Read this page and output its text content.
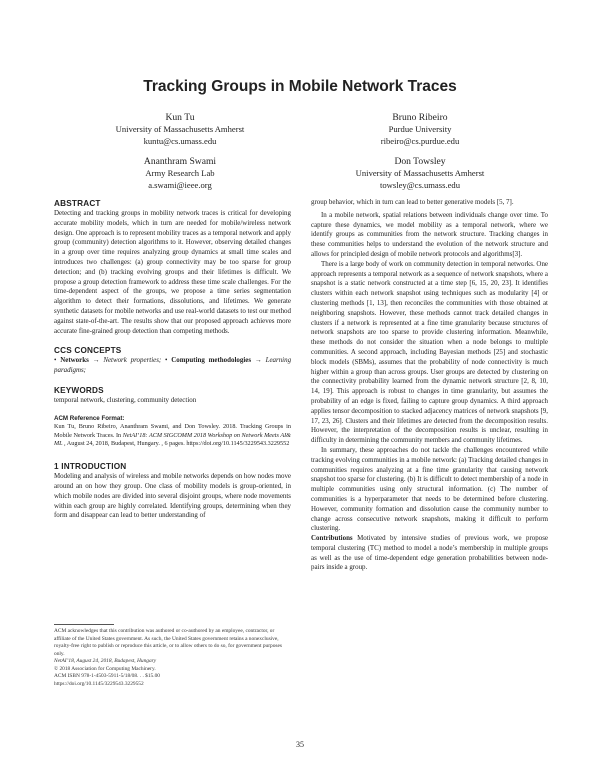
Tracking Groups in Mobile Network Traces
Kun Tu
University of Massachusetts Amherst
kuntu@cs.umass.edu
Bruno Ribeiro
Purdue University
ribeiro@cs.purdue.edu
Ananthram Swami
Army Research Lab
a.swami@ieee.org
Don Towsley
University of Massachusetts Amherst
towsley@cs.umass.edu
ABSTRACT

Detecting and tracking groups in mobility network traces is critical for developing accurate mobility models, which in turn are needed for mobile/wireless network design. One approach is to represent mobility traces as a temporal network and apply group (community) detection algorithms to it. However, observing detailed changes in a group over time requires analyzing group dynamics at small time scales and introduces two challenges: (a) group connectivity may be too sparse for group detection; and (b) tracking evolving groups and their lifetimes is difficult. We propose a group detection framework to address these time scale challenges. For the time-dependent aspect of the groups, we propose a time series segmentation algorithm to detect their formations, dissolutions, and lifetimes. We generate synthetic datasets for mobile networks and use real-world datasets to test our method against state-of-the-art. The results show that our proposed approach achieves more accurate fine-grained group detection than competing methods.

CCS CONCEPTS

• Networks → Network properties; • Computing methodologies → Learning paradigms;

KEYWORDS

temporal network, clustering, community detection

ACM Reference Format:

Kun Tu, Bruno Ribeiro, Ananthram Swami, and Don Towsley. 2018. Tracking Groups in Mobile Network Traces. In NetAI’18: ACM SIGCOMM 2018 Workshop on Network Meets AI& ML , August 24, 2018, Budapest, Hungary. , 6 pages. https://doi.org/10.1145/3229543.3229552

1 INTRODUCTION

Modeling and analysis of wireless and mobile networks depends on how nodes move around an on how they group. One class of mobility models is group-oriented, in which mobile nodes are divided into several disjoint groups, where node movements within each group are highly correlated. Identifying groups, determining when they form and disappear can lead to better understanding of

ACM acknowledges that this contribution was authored or co-authored by an employee, contractor, or affiliate of the United States government. As such, the United States government retains a nonexclusive, royalty-free right to publish or reproduce this article, or to allow others to do so, for government purposes only.
NetAI’18, August 24, 2018, Budapest, Hungary
© 2018 Association for Computing Machinery.
ACM ISBN 978-1-4503-5911-5/18/08. . . $15.00
https://doi.org/10.1145/3229543.3229552

group behavior, which in turn can lead to better generative models [5, 7].

In a mobile network, spatial relations between individuals change over time. To capture these dynamics, we model mobility as a temporal network, where we identify groups as communities from the network structure. Tracking changes in these communities helps to understand the evolution of the network structure and allows for principled design of mobile network protocols and algorithms[3].

There is a large body of work on community detection in temporal networks. One approach represents a temporal network as a sequence of network snapshots, where a snapshot is a static network constructed at a time step [6, 15, 20, 23]. It identifies clusters within each network snapshot using techniques such as modularity [4] or clustering methods [1, 13], then reconciles the communities with those obtained at neighboring snapshots. However, these methods cannot track detailed changes in clusters if a network is represented at a fine time granularity because structures of network snapshots are too sparse to provide clustering information. Meanwhile, these methods do not consider the situation when a node belongs to multiple communities. A second approach, including Bayesian methods [25] and stochastic block models (SBMs), assumes that the probability of node connectivity is much higher within a group than across groups. User groups are detected by clustering on the connectivity probability learned from the dynamic network structure [2, 8, 10, 14, 19]. This approach is robust to changes in time granularity, but assumes the probability of an edge is fixed, failing to capture group dynamics. A third approach applies tensor decomposition to stacked adjacency matrices of network snapshots [9, 17, 23, 26]. Clusters and their lifetimes are detected from the decomposition results. However, the interpretation of the decomposition results is unclear, resulting in difficulty in determining the community members and community lifetimes.

In summary, these approaches do not tackle the challenges encountered while tracking evolving communities in a mobile network: (a) Tracking detailed changes in communities requires analyzing at a fine time granularity that causing network snapshot too sparse for clustering. (b) It is difficult to detect membership of a node in multiple communities using only structural information. (c) The number of communities is a hyperparameter that needs to be determined before clustering. However, community formation and dissolution cause the community number to change across consecutive network snapshots, making it difficult to perform clustering.

Contributions Motivated by intensive studies of previous work, we propose temporal clustering (TC) method to model a node’s membership in multiple groups as well as the use of time-dependent edge generation probabilities between node-pairs inside a group.

35
